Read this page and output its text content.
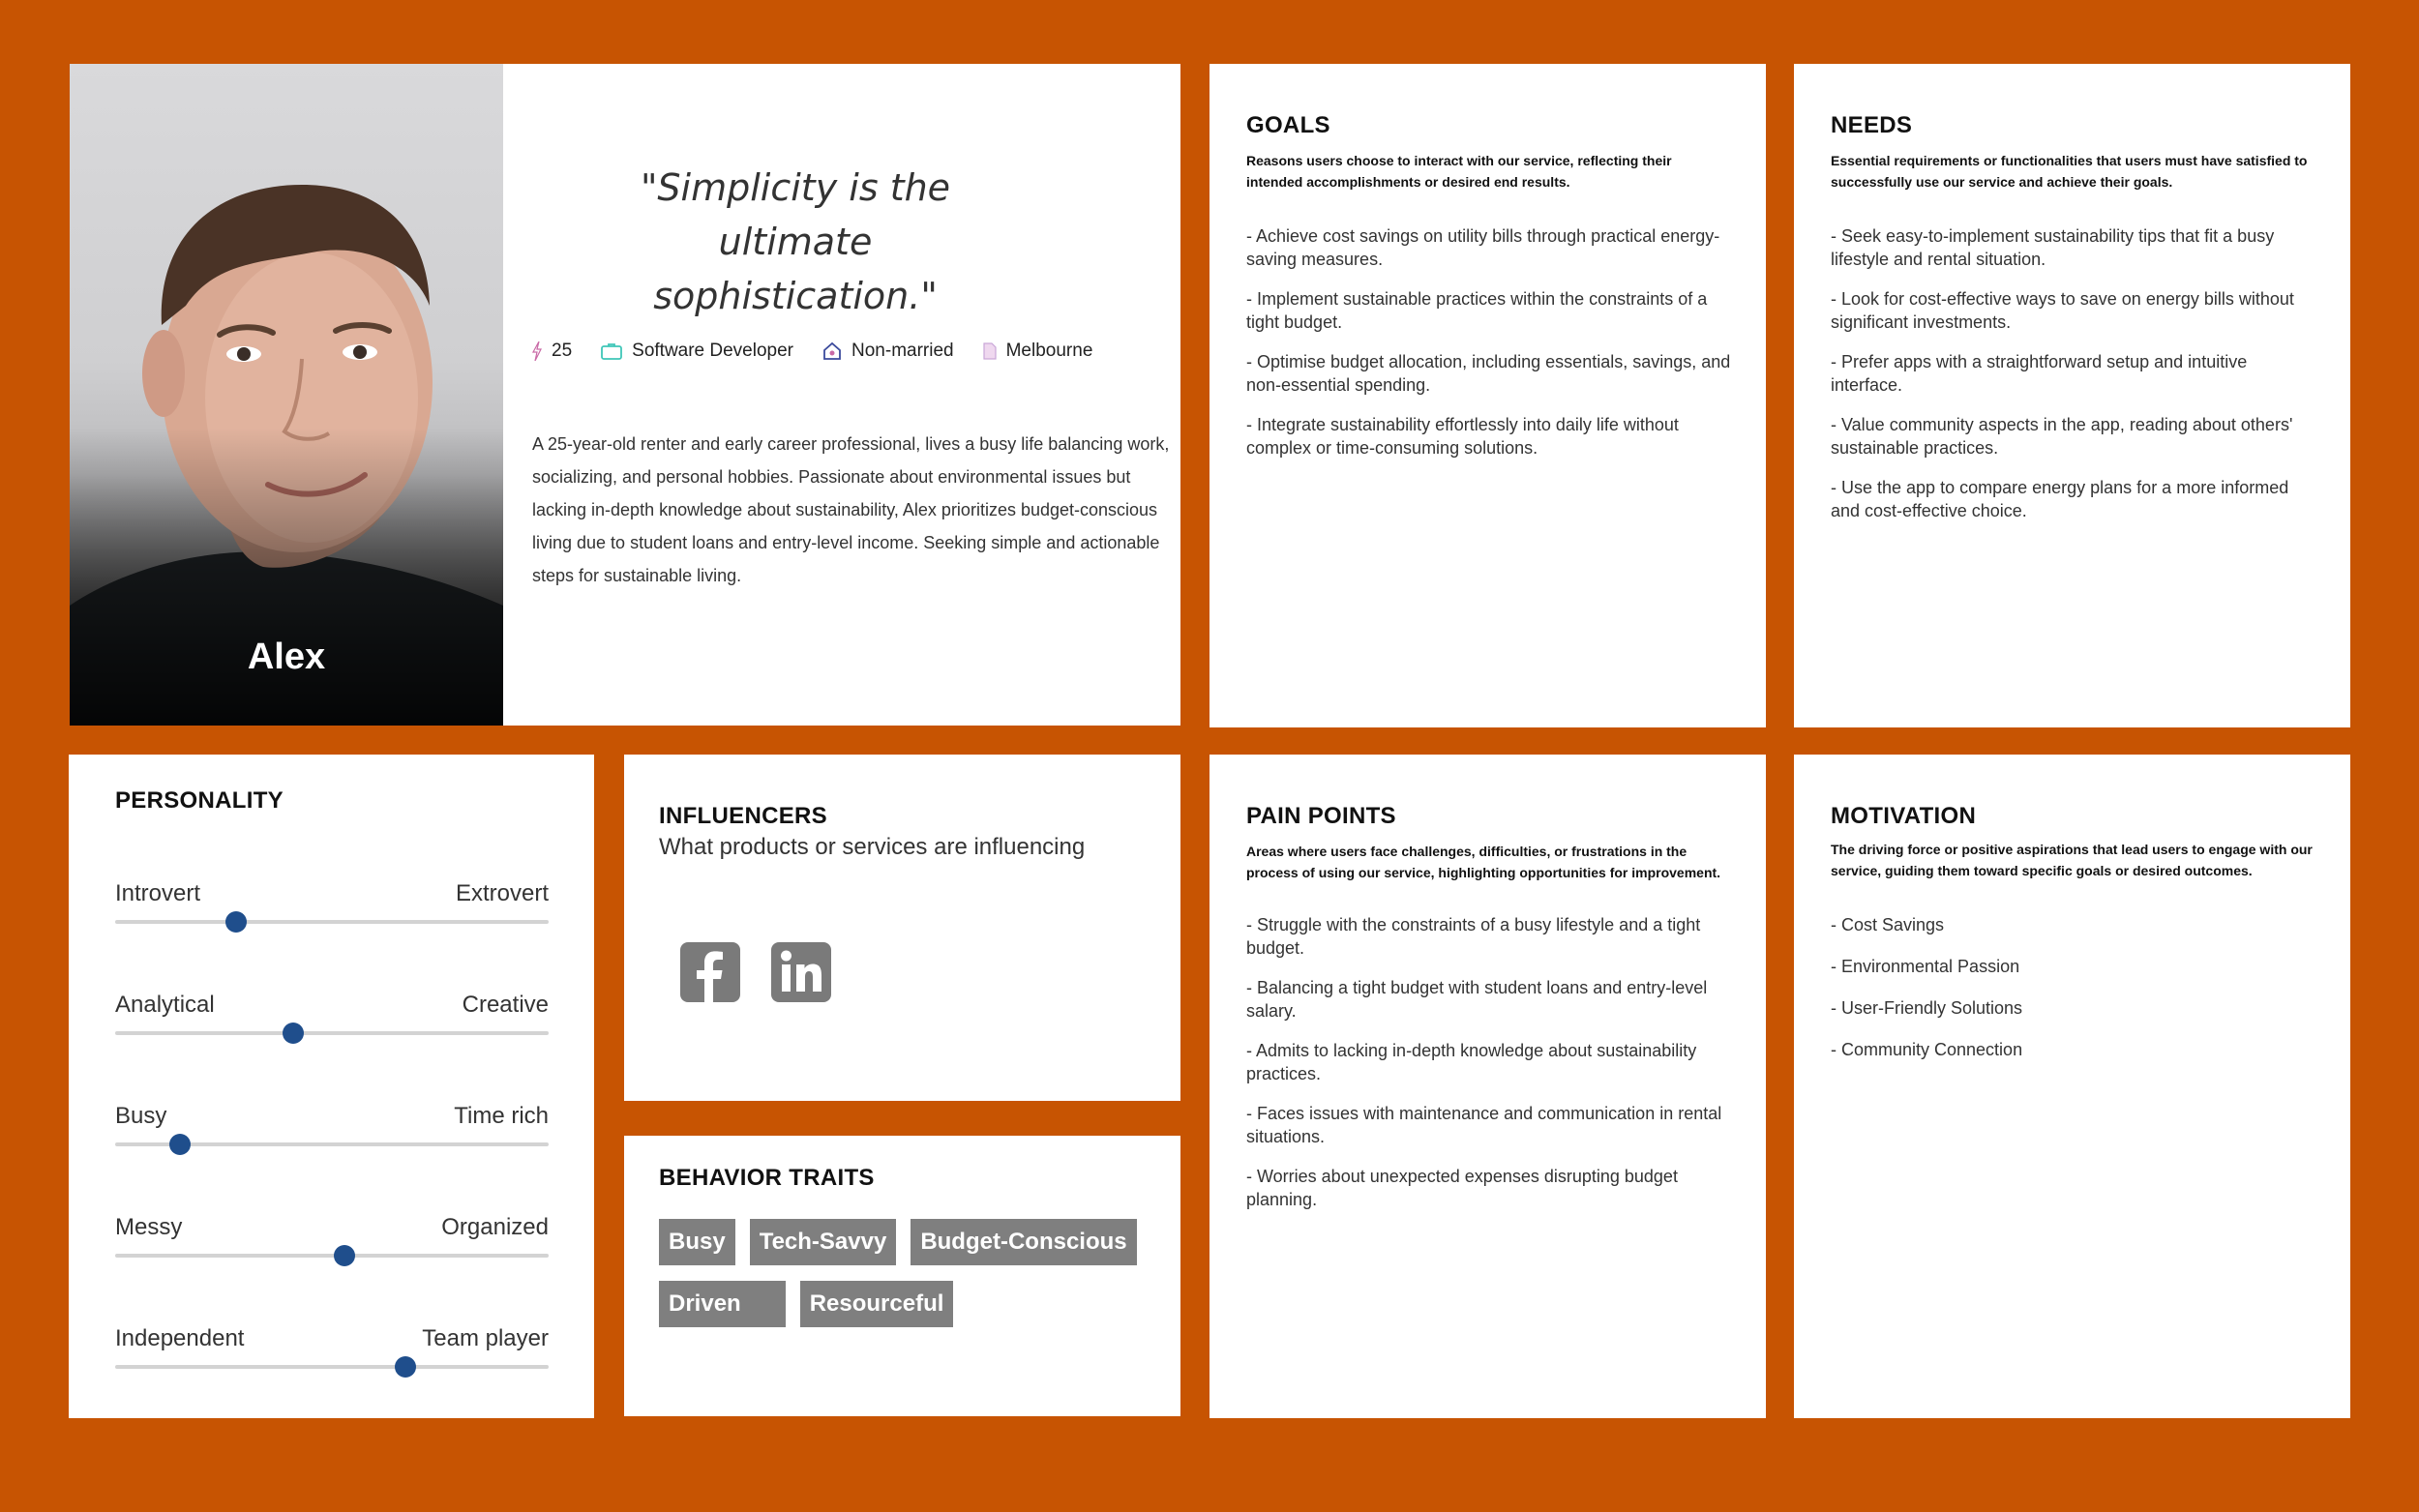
Alex
"Simplicity is the ultimate sophistication."
25	Software Developer	Non-married	Melbourne

A 25-year-old renter and early career professional, lives a busy life balancing work, socializing, and personal hobbies. Passionate about environmental issues but lacking in-depth knowledge about sustainability, Alex prioritizes budget-conscious living due to student loans and entry-level income. Seeking simple and actionable steps for sustainable living.

GOALS
Reasons users choose to interact with our service, reflecting their intended accomplishments or desired end results.
- Achieve cost savings on utility bills through practical energy-saving measures.
- Implement sustainable practices within the constraints of a tight budget.
- Optimise budget allocation, including essentials, savings, and non-essential spending.
- Integrate sustainability effortlessly into daily life without complex or time-consuming solutions.
NEEDS
Essential requirements or functionalities that users must have satisfied to successfully use our service and achieve their goals.
- Seek easy-to-implement sustainability tips that fit a busy lifestyle and rental situation.
- Look for cost-effective ways to save on energy bills without significant investments.
- Prefer apps with a straightforward setup and intuitive interface.
- Value community aspects in the app, reading about others' sustainable practices.
- Use the app to compare energy plans for a more informed and cost-effective choice.
PERSONALITY
Introvert	Extrovert
Analytical	Creative
Busy	Time rich
Messy	Organized
Independent	Team player
INFLUENCERS
What products or services are influencing
BEHAVIOR TRAITS
Busy	Tech-Savvy	Budget-Conscious
Driven	Resourceful
PAIN POINTS
Areas where users face challenges, difficulties, or frustrations in the process of using our service, highlighting opportunities for improvement.
- Struggle with the constraints of a busy lifestyle and a tight budget.
- Balancing a tight budget with student loans and entry-level salary.
- Admits to lacking in-depth knowledge about sustainability practices.
- Faces issues with maintenance and communication in rental situations.
- Worries about unexpected expenses disrupting budget planning.
MOTIVATION
The driving force or positive aspirations that lead users to engage with our service, guiding them toward specific goals or desired outcomes.
- Cost Savings
- Environmental Passion
- User-Friendly Solutions
- Community Connection
